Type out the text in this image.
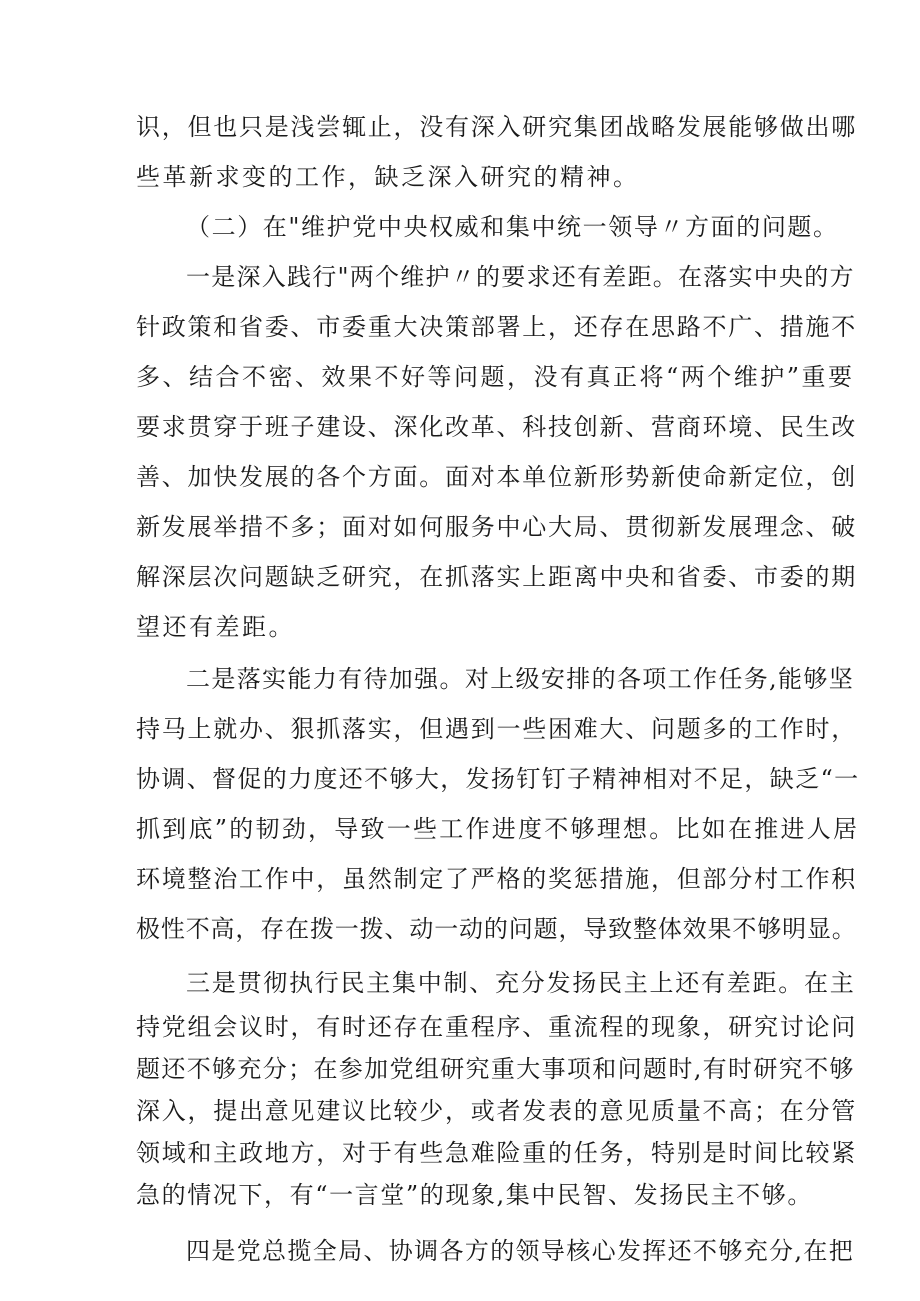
识，但也只是浅尝辄止，没有深入研究集团战略发展能够做出哪
些革新求变的工作，缺乏深入研究的精神。
（二）在"维护党中央权威和集中统一领导〃方面的问题。
一是深入践行"两个维护〃的要求还有差距。在落实中央的方
针政策和省委、市委重大决策部署上，还存在思路不广、措施不
多、结合不密、效果不好等问题，没有真正将“两个维护”重要
要求贯穿于班子建设、深化改革、科技创新、营商环境、民生改
善、加快发展的各个方面。面对本单位新形势新使命新定位，创
新发展举措不多；面对如何服务中心大局、贯彻新发展理念、破
解深层次问题缺乏研究，在抓落实上距离中央和省委、市委的期
望还有差距。
二是落实能力有待加强。对上级安排的各项工作任务,能够坚
持马上就办、狠抓落实，但遇到一些困难大、问题多的工作时，
协调、督促的力度还不够大，发扬钉钉子精神相对不足，缺乏“一
抓到底”的韧劲，导致一些工作进度不够理想。比如在推进人居
环境整治工作中，虽然制定了严格的奖惩措施，但部分村工作积
极性不高，存在拨一拨、动一动的问题，导致整体效果不够明显。
三是贯彻执行民主集中制、充分发扬民主上还有差距。在主
持党组会议时，有时还存在重程序、重流程的现象，研究讨论问
题还不够充分；在参加党组研究重大事项和问题时,有时研究不够
深入，提出意见建议比较少，或者发表的意见质量不高；在分管
领域和主政地方，对于有些急难险重的任务，特别是时间比较紧
急的情况下，有“一言堂”的现象,集中民智、发扬民主不够。
四是党总揽全局、协调各方的领导核心发挥还不够充分,在把
